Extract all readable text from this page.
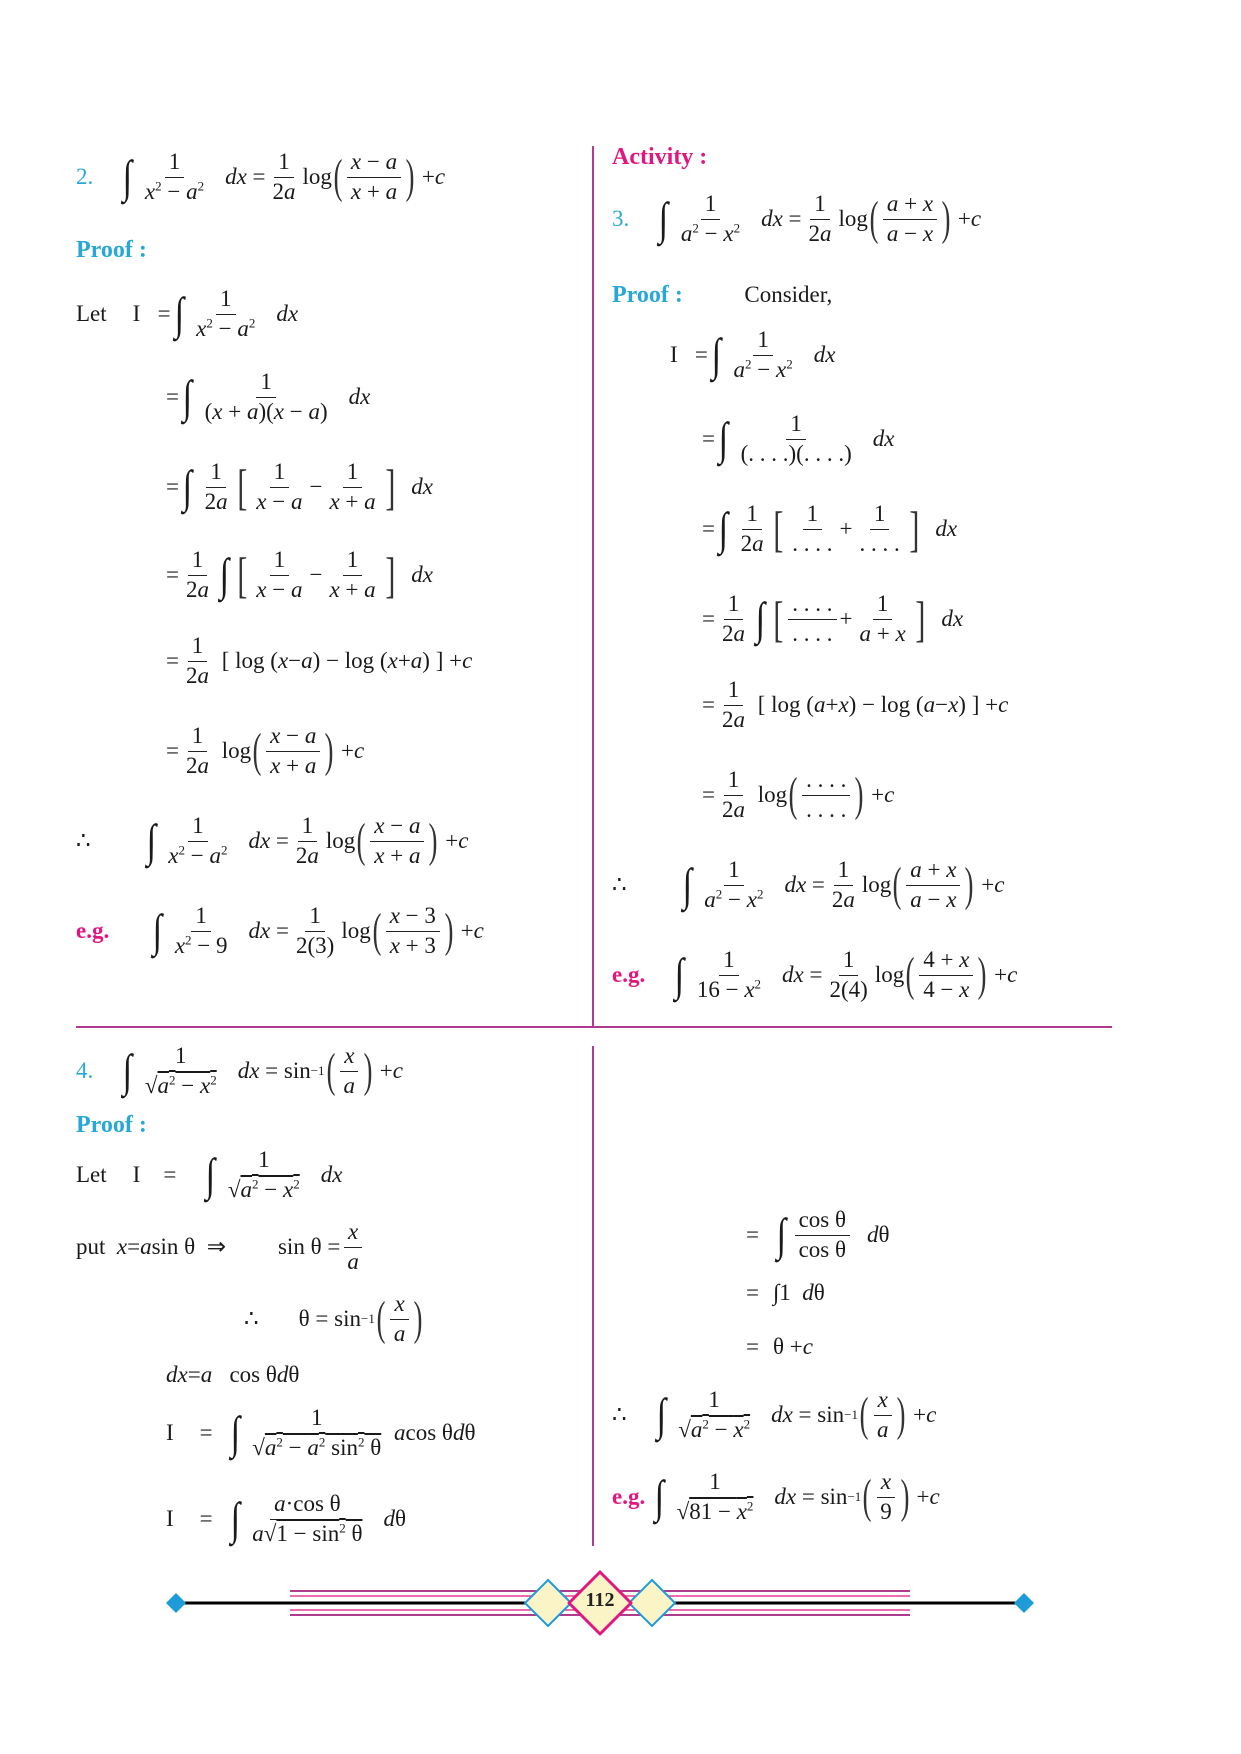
2. ∫ $\frac{1}{x^2 - a^2}$ dx = $\frac{1}{2a}$ log ( $\frac{x - a}{x + a}$ ) + c
Proof :
Let I   = ∫ $\frac{1}{x^2 - a^2}$ dx
= ∫ $\frac{1}{(x + a)(x - a)}$ dx
= ∫ $\frac{1}{2a}$ [ $\frac{1}{x - a} - \frac{1}{x + a}$ ] dx
= $\frac{1}{2a}$ ∫ [ $\frac{1}{x - a} - \frac{1}{x + a}$ ] dx
= $\frac{1}{2a}$ [ log ( x − a ) − log ( x + a ) ] + c
= $\frac{1}{2a}$ log ( $\frac{x - a}{x + a}$ ) + c
∴ ∫ $\frac{1}{x^2 - a^2}$ dx = $\frac{1}{2a}$ log ( $\frac{x - a}{x + a}$ ) + c
e.g. ∫ $\frac{1}{x^2 - 9}$ dx = $\frac{1}{2(3)}$ log ( $\frac{x - 3}{x + 3}$ ) + c
Activity :
3. ∫ $\frac{1}{a^2 - x^2}$ dx = $\frac{1}{2a}$ log ( $\frac{a + x}{a - x}$ ) + c
Proof :	Consider,
I   = ∫ $\frac{1}{a^2 - x^2}$ dx
= ∫ $\frac{1}{(. . . .)(. . . .)}$ dx
= ∫ $\frac{1}{2a}$ [ $\frac{1}{. . . .} + \frac{1}{. . . .}$ ] dx
= $\frac{1}{2a}$ ∫ [ $\frac{. . . .}{. . . .} + \frac{1}{a + x}$ ] dx
= $\frac{1}{2a}$ [ log ( a + x ) − log ( a − x ) ] + c
= $\frac{1}{2a}$ log ( $\frac{. . . .}{. . . .}$ ) + c
∴ ∫ $\frac{1}{a^2 - x^2}$ dx = $\frac{1}{2a}$ log ( $\frac{a + x}{a - x}$ ) + c
e.g. ∫ $\frac{1}{16 - x^2}$ dx = $\frac{1}{2(4)}$ log ( $\frac{4 + x}{4 - x}$ ) + c
4. ∫ $\frac{1}{√a^2 - x^2}$ dx = sin −1 ( $\frac{x}{a}$ ) + c
Proof :
Let I    = ∫ $\frac{1}{√a^2 - x^2}$ dx
put
x = a sin θ  ⇒ $\sin \theta = \frac{x}{a}$
∴ θ = sin −1 ( $\frac{x}{a}$ )
dx = a cos θ d θ
I = ∫ $\frac{1}{√a^2 - a^2 \sin^2 \theta}$
a cos θ d θ
I = ∫ $\frac{\text{a·cos θ}}{a√1 - \sin^2 \theta}$ d θ
= ∫ $\frac{\text{cos θ}}{\text{cos θ}}$ d θ
= ∫1 d θ
= θ + c
∴ ∫ $\frac{1}{√a^2 - x^2}$ dx = sin −1 ( $\frac{x}{a}$ ) + c
e.g.
∫ $\frac{1}{√81 - x^2}$ dx = sin −1 ( $\frac{x}{9}$ ) + c
112
